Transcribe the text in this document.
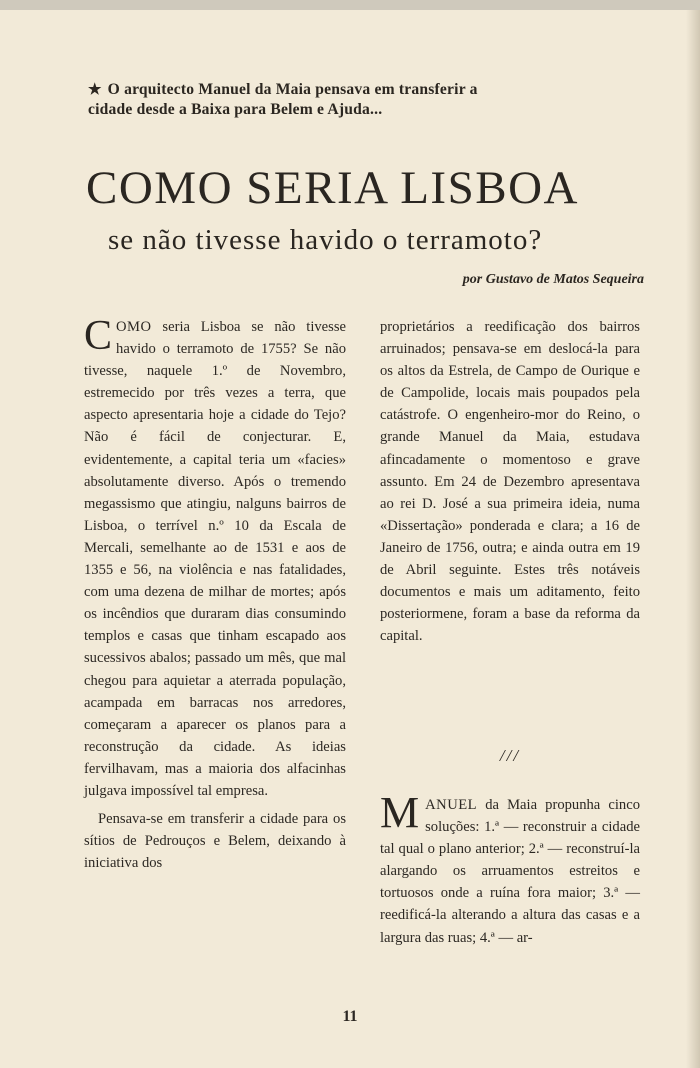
★ O arquitecto Manuel da Maia pensava em transferir a cidade desde a Baixa para Belem e Ajuda...
COMO SERIA LISBOA
se não tivesse havido o terramoto?
por Gustavo de Matos Sequeira

COMO seria Lisboa se não tivesse havido o terramoto de 1755? Se não tivesse, naquele 1.º de Novembro, estremecido por três vezes a terra, que aspecto apresentaria hoje a cidade do Tejo? Não é fácil de conjecturar. E, evidentemente, a capital teria um «facies» absolutamente diverso. Após o tremendo megassismo que atingiu, nalguns bairros de Lisboa, o terrível n.º 10 da Escala de Mercali, semelhante ao de 1531 e aos de 1355 e 56, na violência e nas fatalidades, com uma dezena de milhar de mortes; após os incêndios que duraram dias consumindo templos e casas que tinham escapado aos sucessivos abalos; passado um mês, que mal chegou para aquietar a aterrada população, acampada em barracas nos arredores, começaram a aparecer os planos para a reconstrução da cidade. As ideias fervilhavam, mas a maioria dos alfacinhas julgava impossível tal empresa.

Pensava-se em transferir a cidade para os sítios de Pedrouços e Belem, deixando à iniciativa dos

proprietários a reedificação dos bairros arruinados; pensava-se em deslocá-la para os altos da Estrela, de Campo de Ourique e de Campolide, locais mais poupados pela catástrofe. O engenheiro-mor do Reino, o grande Manuel da Maia, estudava afincadamente o momentoso e grave assunto. Em 24 de Dezembro apresentava ao rei D. José a sua primeira ideia, numa «Dissertação» ponderada e clara; a 16 de Janeiro de 1756, outra; e ainda outra em 19 de Abril seguinte. Estes três notáveis documentos e mais um aditamento, feito posteriormene, foram a base da reforma da capital.

///

MANUEL da Maia propunha cinco soluções: 1.ª — reconstruir a cidade tal qual o plano anterior; 2.ª — reconstruí-la alargando os arruamentos estreitos e tortuosos onde a ruína fora maior; 3.ª — reedificá-la alterando a altura das casas e a largura das ruas; 4.ª — ar-

11
